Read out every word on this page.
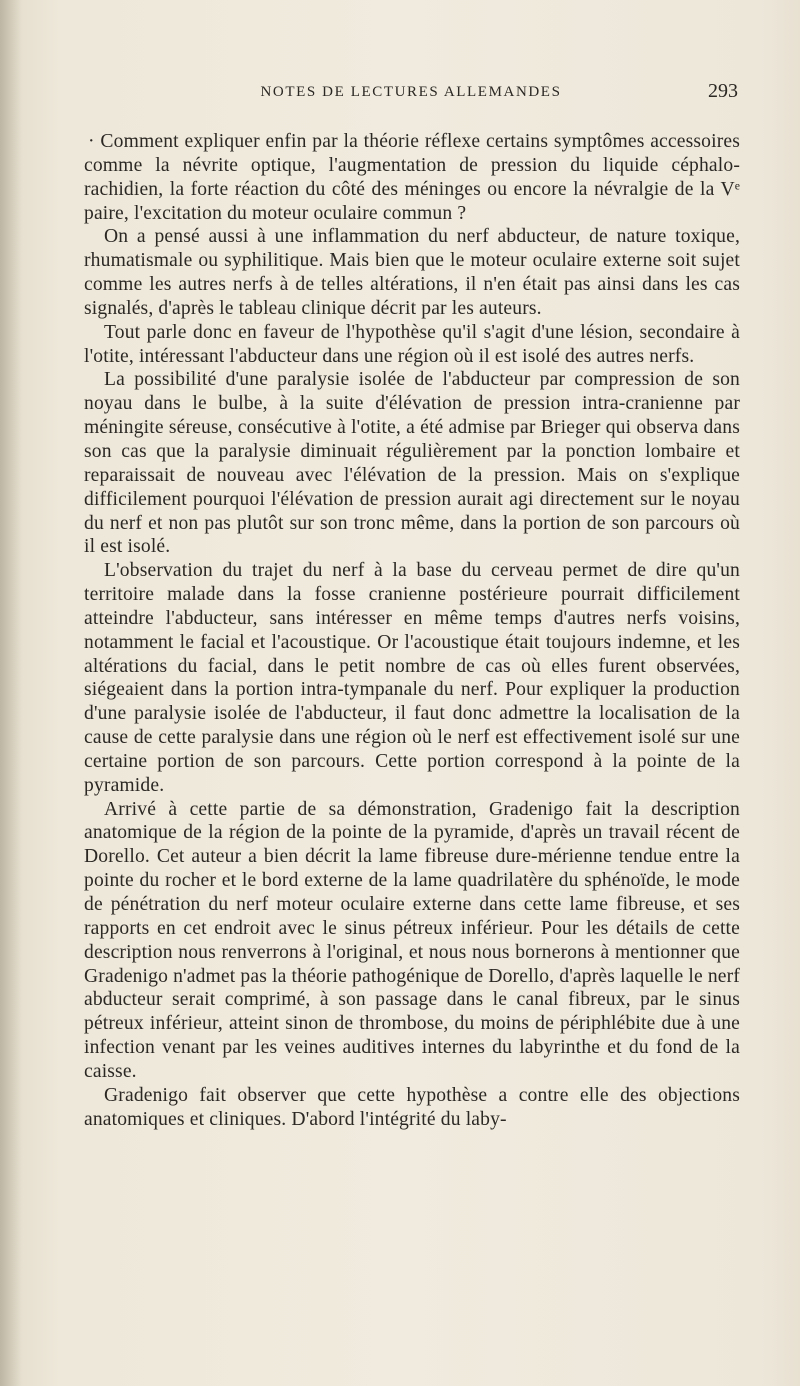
NOTES DE LECTURES ALLEMANDES	293

· Comment expliquer enfin par la théorie réflexe certains symptômes accessoires comme la névrite optique, l'augmentation de pression du liquide céphalo-rachidien, la forte réaction du côté des méninges ou encore la névralgie de la Vᵉ paire, l'excitation du moteur oculaire commun ?

On a pensé aussi à une inflammation du nerf abducteur, de nature toxique, rhumatismale ou syphilitique. Mais bien que le moteur oculaire externe soit sujet comme les autres nerfs à de telles altérations, il n'en était pas ainsi dans les cas signalés, d'après le tableau clinique décrit par les auteurs.

Tout parle donc en faveur de l'hypothèse qu'il s'agit d'une lésion, secondaire à l'otite, intéressant l'abducteur dans une région où il est isolé des autres nerfs.

La possibilité d'une paralysie isolée de l'abducteur par compression de son noyau dans le bulbe, à la suite d'élévation de pression intra-cranienne par méningite séreuse, consécutive à l'otite, a été admise par Brieger qui observa dans son cas que la paralysie diminuait régulièrement par la ponction lombaire et reparaissait de nouveau avec l'élévation de la pression. Mais on s'explique difficilement pourquoi l'élévation de pression aurait agi directement sur le noyau du nerf et non pas plutôt sur son tronc même, dans la portion de son parcours où il est isolé.

L'observation du trajet du nerf à la base du cerveau permet de dire qu'un territoire malade dans la fosse cranienne postérieure pourrait difficilement atteindre l'abducteur, sans intéresser en même temps d'autres nerfs voisins, notamment le facial et l'acoustique. Or l'acoustique était toujours indemne, et les altérations du facial, dans le petit nombre de cas où elles furent observées, siégeaient dans la portion intra-tympanale du nerf. Pour expliquer la production d'une paralysie isolée de l'abducteur, il faut donc admettre la localisation de la cause de cette paralysie dans une région où le nerf est effectivement isolé sur une certaine portion de son parcours. Cette portion correspond à la pointe de la pyramide.

Arrivé à cette partie de sa démonstration, Gradenigo fait la description anatomique de la région de la pointe de la pyramide, d'après un travail récent de Dorello. Cet auteur a bien décrit la lame fibreuse dure-mérienne tendue entre la pointe du rocher et le bord externe de la lame quadrilatère du sphénoïde, le mode de pénétration du nerf moteur oculaire externe dans cette lame fibreuse, et ses rapports en cet endroit avec le sinus pétreux inférieur. Pour les détails de cette description nous renverrons à l'original, et nous nous bornerons à mentionner que Gradenigo n'admet pas la théorie pathogénique de Dorello, d'après laquelle le nerf abducteur serait comprimé, à son passage dans le canal fibreux, par le sinus pétreux inférieur, atteint sinon de thrombose, du moins de périphlébite due à une infection venant par les veines auditives internes du labyrinthe et du fond de la caisse.

Gradenigo fait observer que cette hypothèse a contre elle des objections anatomiques et cliniques. D'abord l'intégrité du laby-
